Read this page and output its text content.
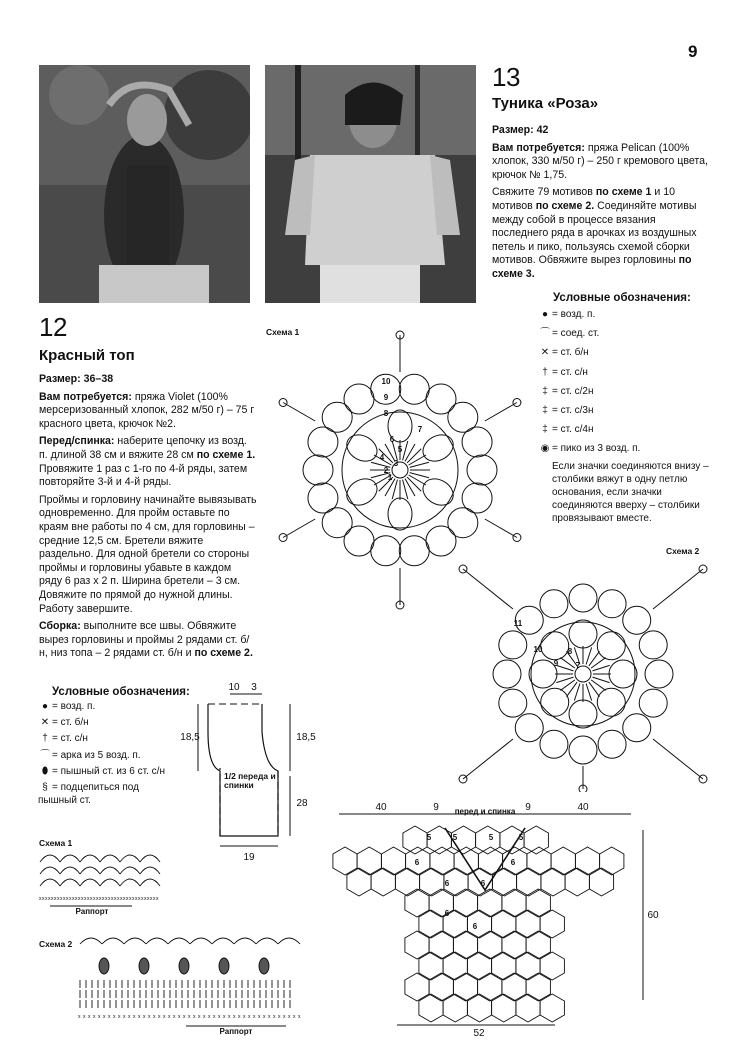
9
13
Туника «Роза»

Размер: 42

Вам потребуется: пряжа Pelican (100% хлопок, 330 м/50 г) – 250 г кремового цвета, крючок № 1,75.

Свяжите 79 мотивов по схеме 1 и 10 мотивов по схеме 2. Соединяйте мотивы между собой в процессе вязания последнего ряда в арочках из воздушных петель и пико, пользуясь схемой сборки мотивов. Обвяжите вырез горловины по схеме 3.

Условные обозначения:
● = возд. п.
⌒ = соед. ст.
✕ = ст. б/н
† = ст. с/н
‡ = ст. с/2н
‡ = ст. с/3н
‡ = ст. с/4н
◉ = пико из 3 возд. п.
Если значки соединяются внизу – столбики вяжут в одну петлю основания, если значки соединяются вверху – столбики провязывают вместе.
12
Красный топ

Размер: 36–38

Вам потребуется: пряжа Violet (100% мерсеризованный хлопок, 282 м/50 г) – 75 г красного цвета, крючок №2.

Перед/спинка: наберите цепочку из возд. п. длиной 38 см и вяжите 28 см по схеме 1. Провяжите 1 раз с 1-го по 4-й ряды, затем повторяйте 3-й и 4-й ряды.

Проймы и горловину начинайте вывязывать одновременно. Для пройм оставьте по краям вне работы по 4 см, для горловины – средние 12,5 см. Бретели вяжите раздельно. Для одной бретели со стороны проймы и горловины убавьте в каждом ряду 6 раз х 2 п. Ширина бретели – 3 см. Довяжите по прямой до нужной длины. Работу завершите.

Сборка: выполните все швы. Обвяжите вырез горловины и проймы 2 рядами ст. б/н, низ топа – 2 рядами ст. б/н и по схеме 2.

Условные обозначения:
● = возд. п.
✕ = ст. б/н
† = ст. с/н
⌒ = арка из 5 возд. п.
⬮ = пышный ст. из 6 ст. с/н
§ = подцепиться под пышный ст.
Схема 1
Схема 2
Схема 1
Схема 2
10
9
8
7
6
5
4
3
2
1
11
10
9
8
7
10 3
18,5	18,5
28
19
1/2 переда и спинки
x x x x x x x x x x x x x x x x x x x x x x x x x x x x x x x x x x x x x x x x
Раппорт
x x x x x x x x x x x x x x x x x x x x x x x x x x x x x x x x x x x x x x x x x x x x x
Раппорт
40	9	9	40
60
52
перед и спинка
5	5	5	5
6
6	6
6
6
6
